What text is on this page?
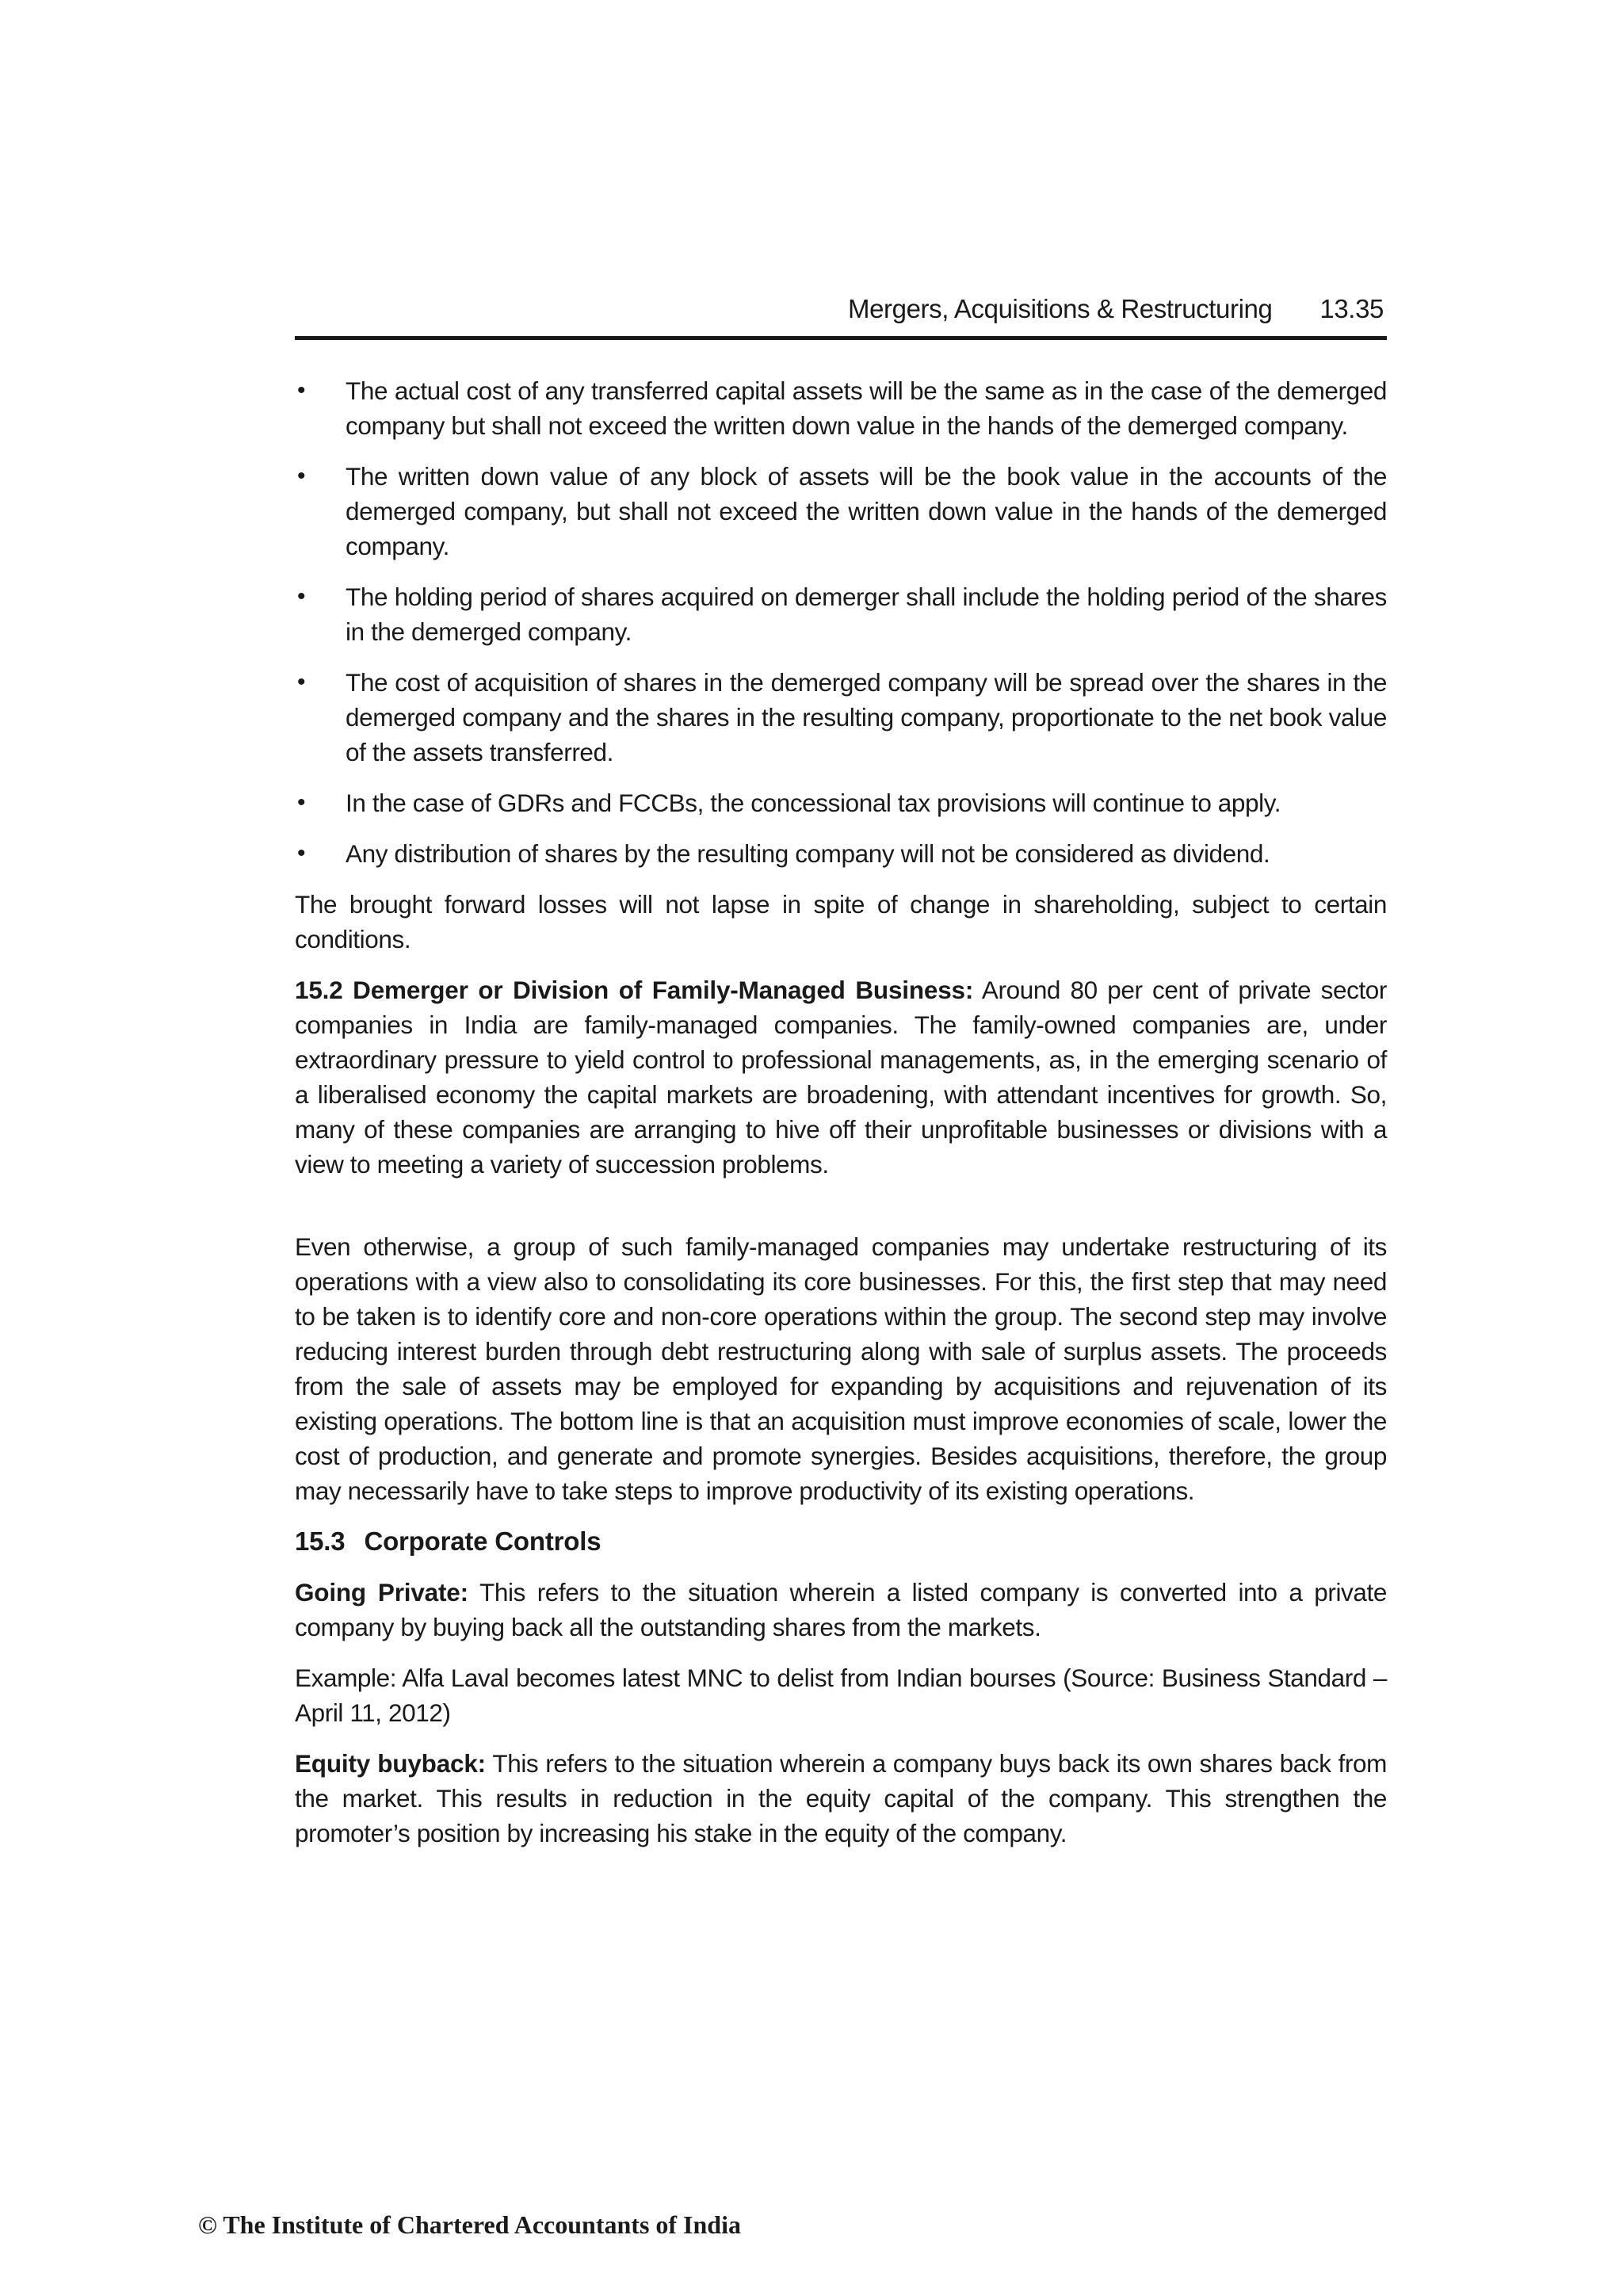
Mergers, Acquisitions & Restructuring 13.35
• The actual cost of any transferred capital assets will be the same as in the case of the demerged company but shall not exceed the written down value in the hands of the demerged company.
• The written down value of any block of assets will be the book value in the accounts of the demerged company, but shall not exceed the written down value in the hands of the demerged company.
• The holding period of shares acquired on demerger shall include the holding period of the shares in the demerged company.
• The cost of acquisition of shares in the demerged company will be spread over the shares in the demerged company and the shares in the resulting company, proportionate to the net book value of the assets transferred.
• In the case of GDRs and FCCBs, the concessional tax provisions will continue to apply.
• Any distribution of shares by the resulting company will not be considered as dividend.

The brought forward losses will not lapse in spite of change in shareholding, subject to certain conditions.

15.2 Demerger or Division of Family-Managed Business: Around 80 per cent of private sector companies in India are family-managed companies. The family-owned companies are, under extraordinary pressure to yield control to professional managements, as, in the emerging scenario of a liberalised economy the capital markets are broadening, with attendant incentives for growth. So, many of these companies are arranging to hive off their unprofitable businesses or divisions with a view to meeting a variety of succession problems.

Even otherwise, a group of such family-managed companies may undertake restructuring of its operations with a view also to consolidating its core businesses. For this, the first step that may need to be taken is to identify core and non-core operations within the group. The second step may involve reducing interest burden through debt restructuring along with sale of surplus assets. The proceeds from the sale of assets may be employed for expanding by acquisitions and rejuvenation of its existing operations. The bottom line is that an acquisition must improve economies of scale, lower the cost of production, and generate and promote synergies. Besides acquisitions, therefore, the group may necessarily have to take steps to improve productivity of its existing operations.

15.3 Corporate Controls

Going Private: This refers to the situation wherein a listed company is converted into a private company by buying back all the outstanding shares from the markets.

Example: Alfa Laval becomes latest MNC to delist from Indian bourses (Source: Business Standard – April 11, 2012)

Equity buyback: This refers to the situation wherein a company buys back its own shares back from the market. This results in reduction in the equity capital of the company. This strengthen the promoter’s position by increasing his stake in the equity of the company.

© The Institute of Chartered Accountants of India
